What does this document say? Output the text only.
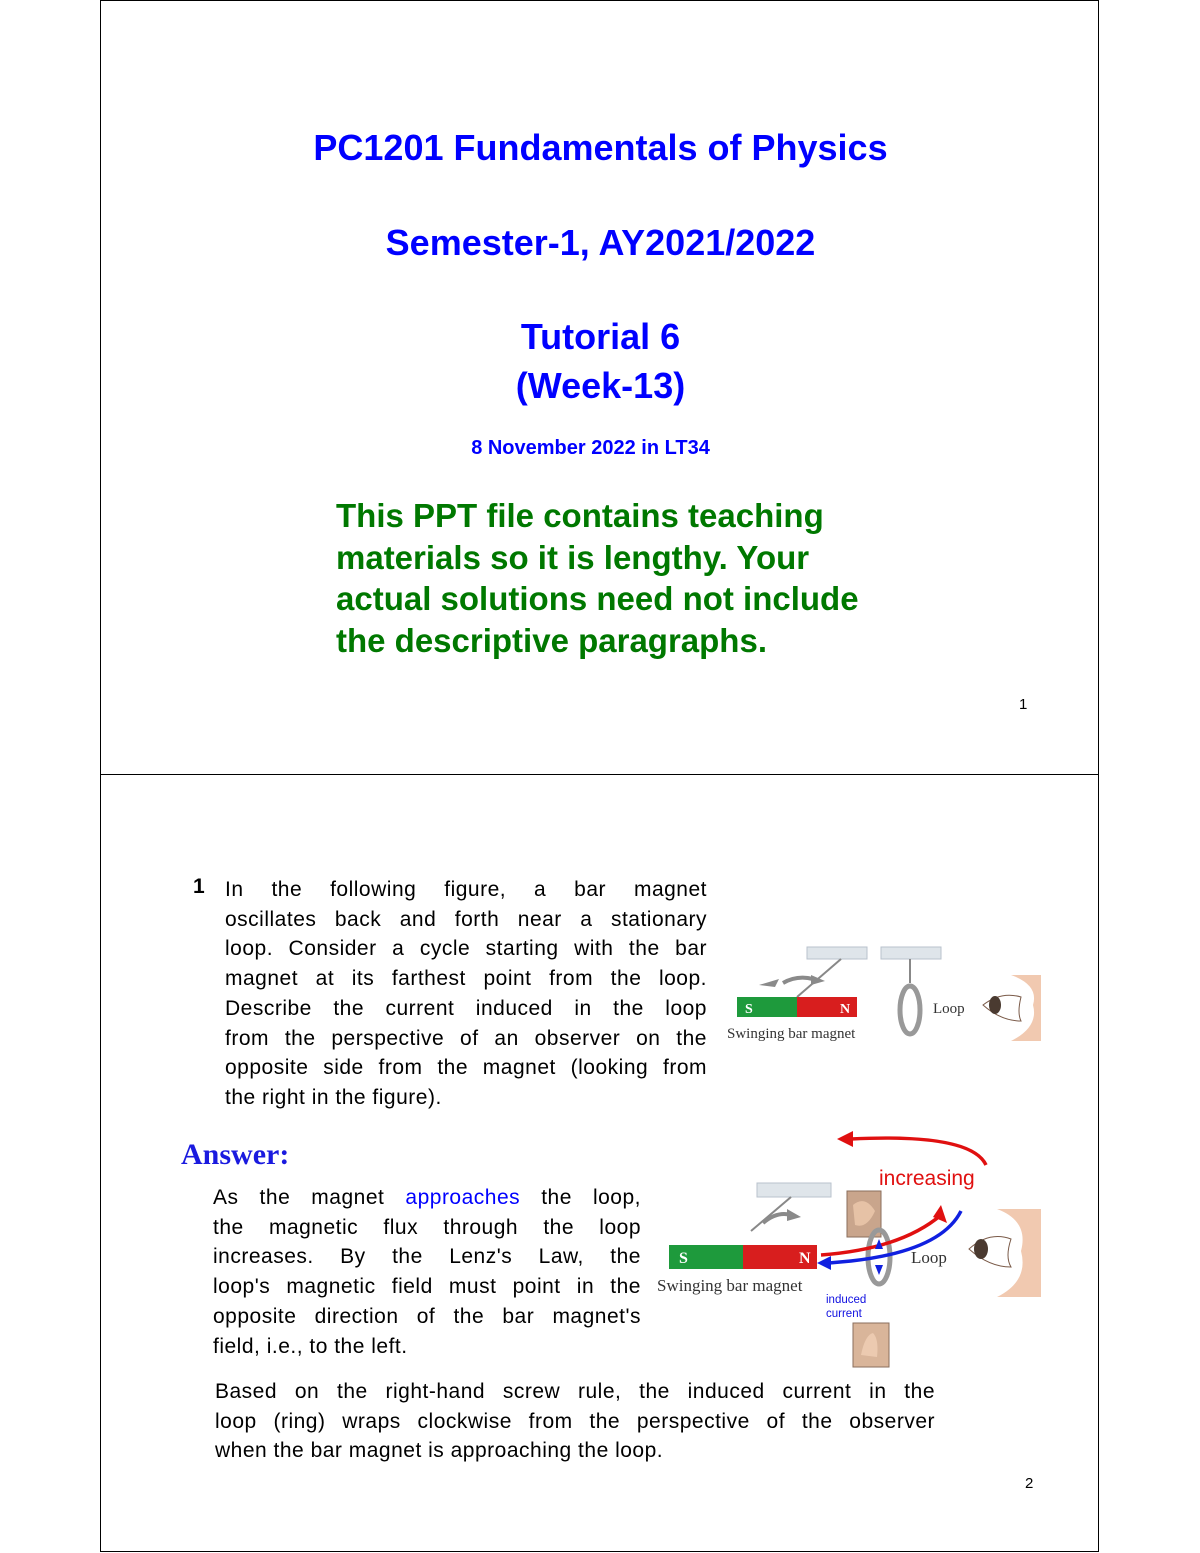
PC1201 Fundamentals of Physics
Semester-1, AY2021/2022
Tutorial 6
(Week-13)
8 November 2022 in LT34
This PPT file contains teaching
materials so it is lengthy. Your
actual solutions need not include
the descriptive paragraphs.
1
1 In the following figure, a bar magnet
oscillates back and forth near a stationary
loop. Consider a cycle starting with the bar
magnet at its farthest point from the loop.
Describe the current induced in the loop
from the perspective of an observer on the
opposite side from the magnet (looking from
the right in the figure).
S	N
Swinging bar magnet
Loop
Answer:
As the magnet approaches the loop,
the magnetic flux through the loop
increases. By the Lenz's Law, the
loop's magnetic field must point in the
opposite direction of the bar magnet's
field, i.e., to the left.
increasing
S	N
Swinging bar magnet
Loop
induced
current
Based on the right-hand screw rule, the induced current in the
loop (ring) wraps clockwise from the perspective of the observer
when the bar magnet is approaching the loop.
2
